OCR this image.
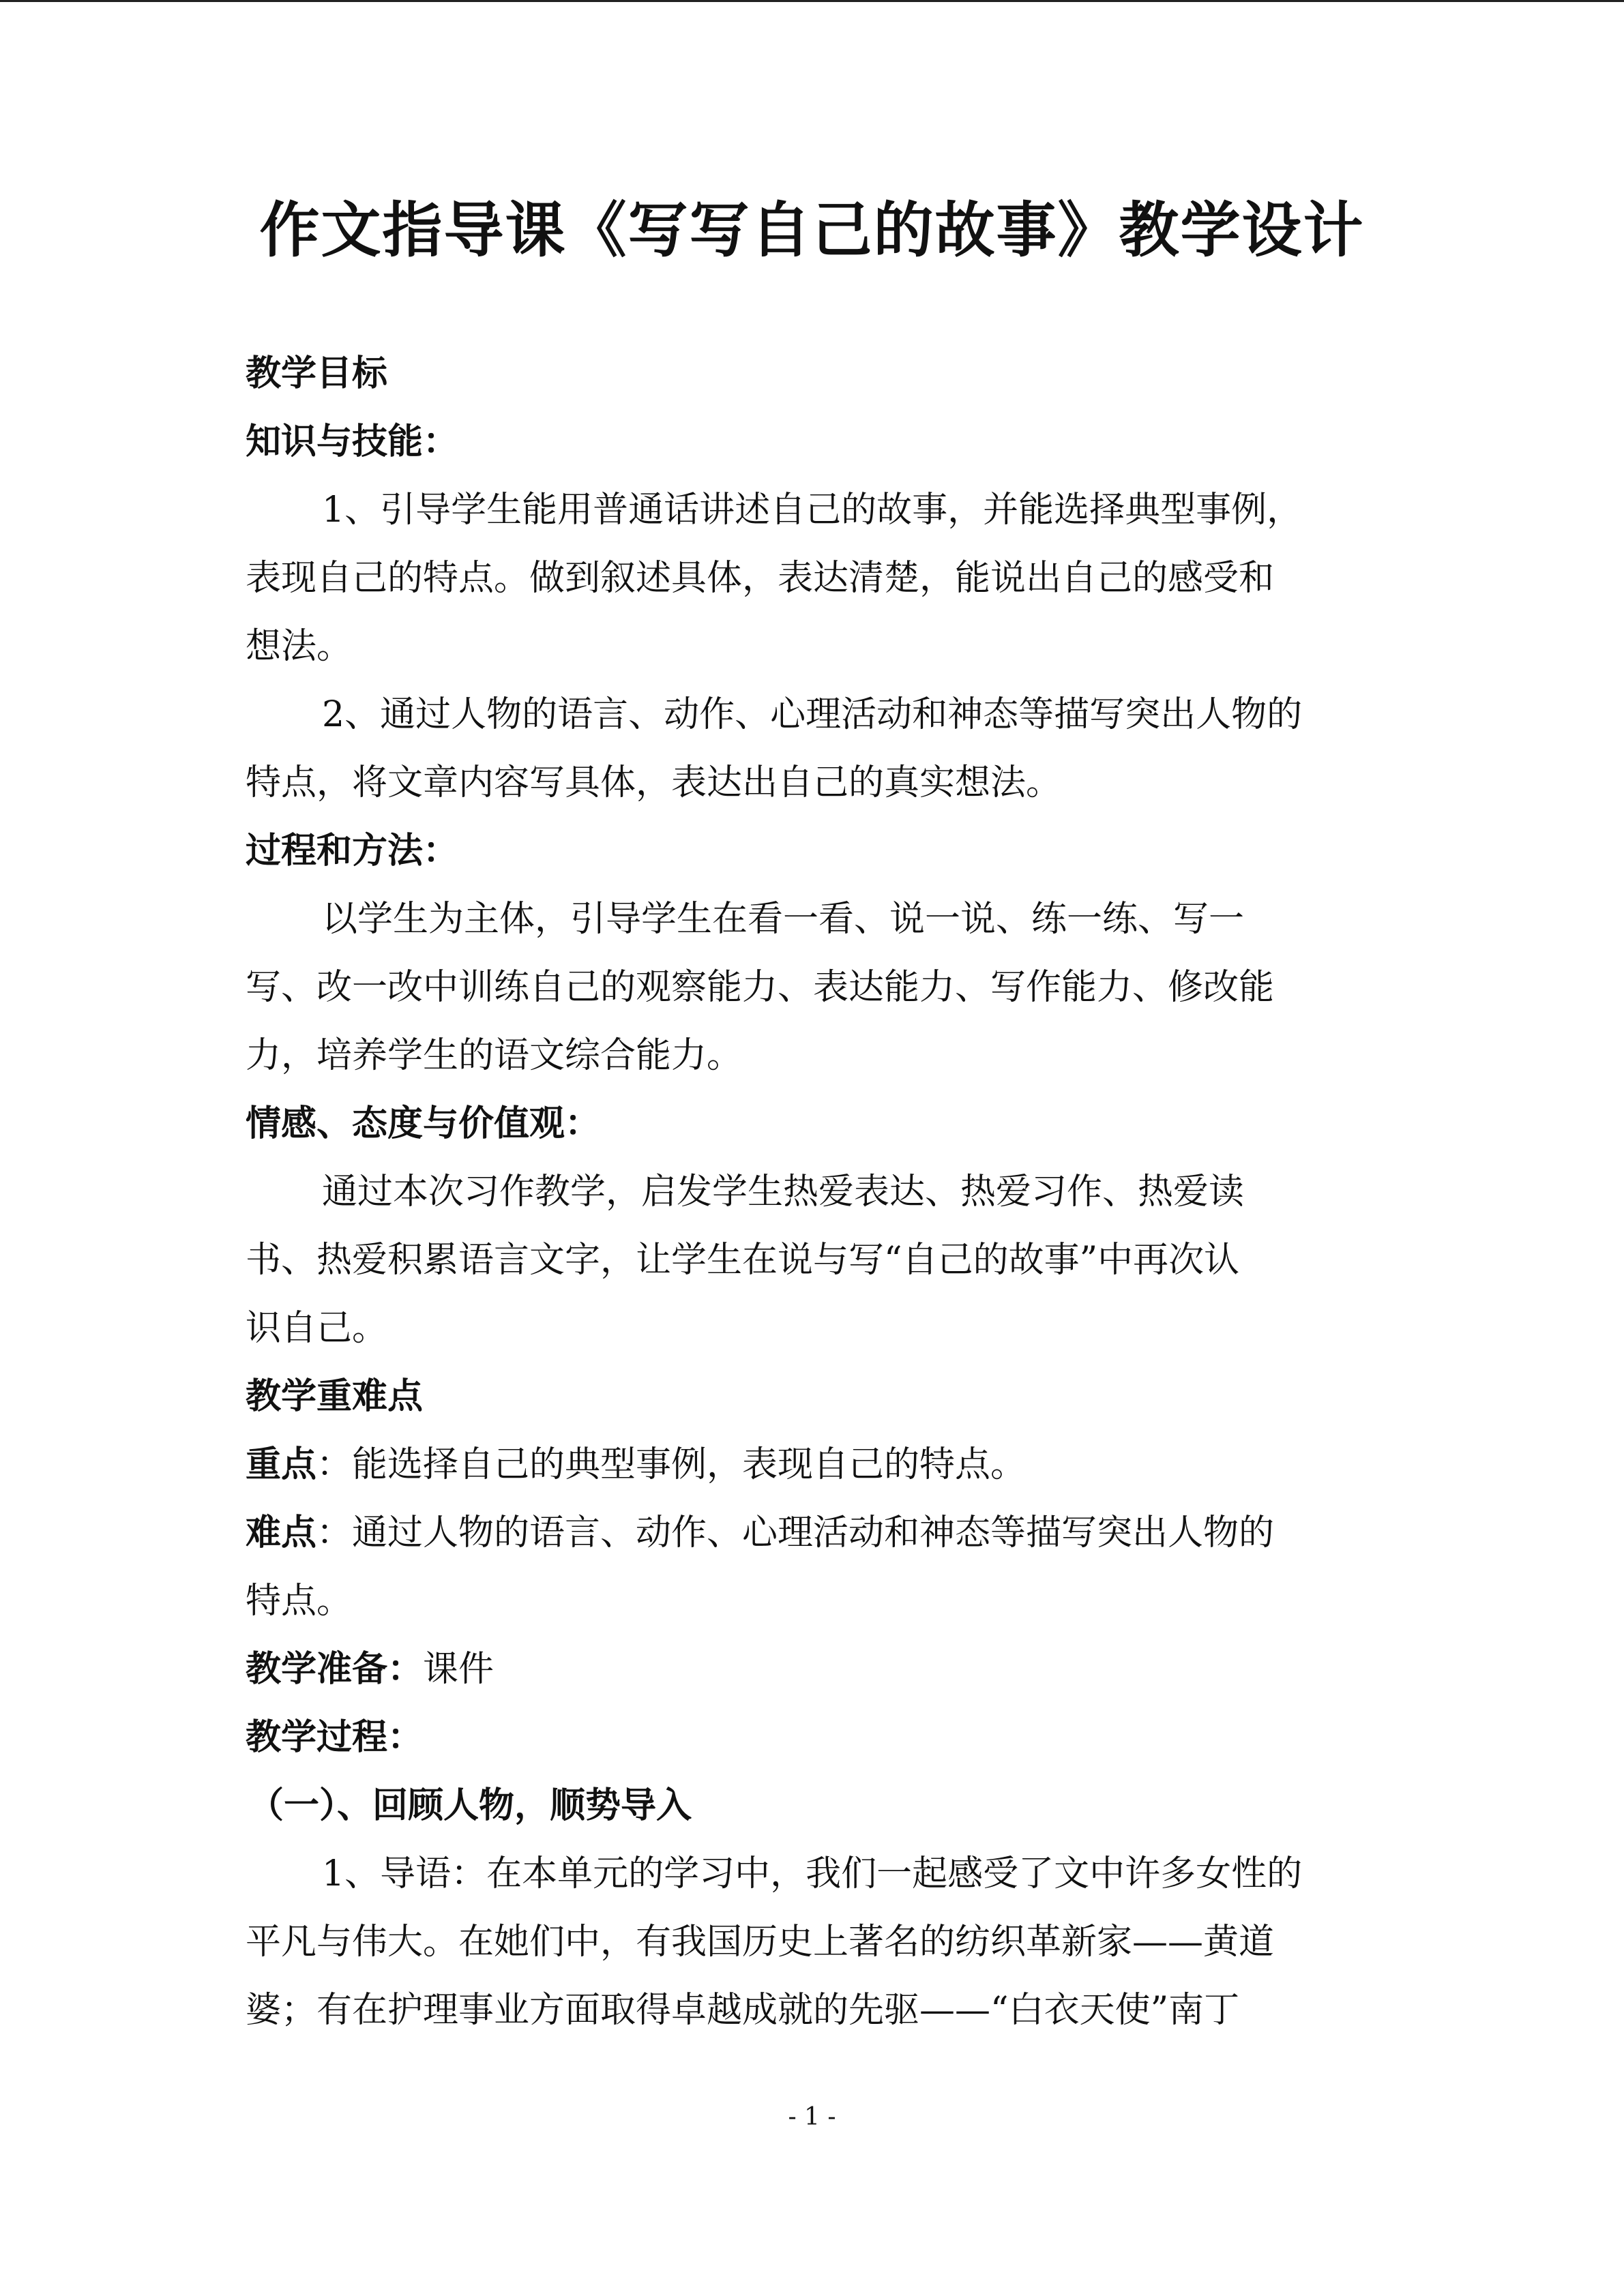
作文指导课《写写自己的故事》教学设计
教学目标
知识与技能：
1、引导学生能用普通话讲述自己的故事，并能选择典型事例，
表现自己的特点。做到叙述具体，表达清楚，能说出自己的感受和
想法。
2、通过人物的语言、动作、心理活动和神态等描写突出人物的
特点，将文章内容写具体，表达出自己的真实想法。
过程和方法：
以学生为主体，引导学生在看一看、说一说、练一练、写一
写、改一改中训练自己的观察能力、表达能力、写作能力、修改能
力，培养学生的语文综合能力。
情感、态度与价值观：
通过本次习作教学，启发学生热爱表达、热爱习作、热爱读
书、热爱积累语言文字，让学生在说与写“自己的故事”中再次认
识自己。
教学重难点
重点：能选择自己的典型事例，表现自己的特点。
难点：通过人物的语言、动作、心理活动和神态等描写突出人物的
特点。
教学准备：课件
教学过程：
（一）、回顾人物，顺势导入
1、导语：在本单元的学习中，我们一起感受了文中许多女性的
平凡与伟大。在她们中，有我国历史上著名的纺织革新家——黄道
婆；有在护理事业方面取得卓越成就的先驱——“白衣天使”南丁
- 1 -
